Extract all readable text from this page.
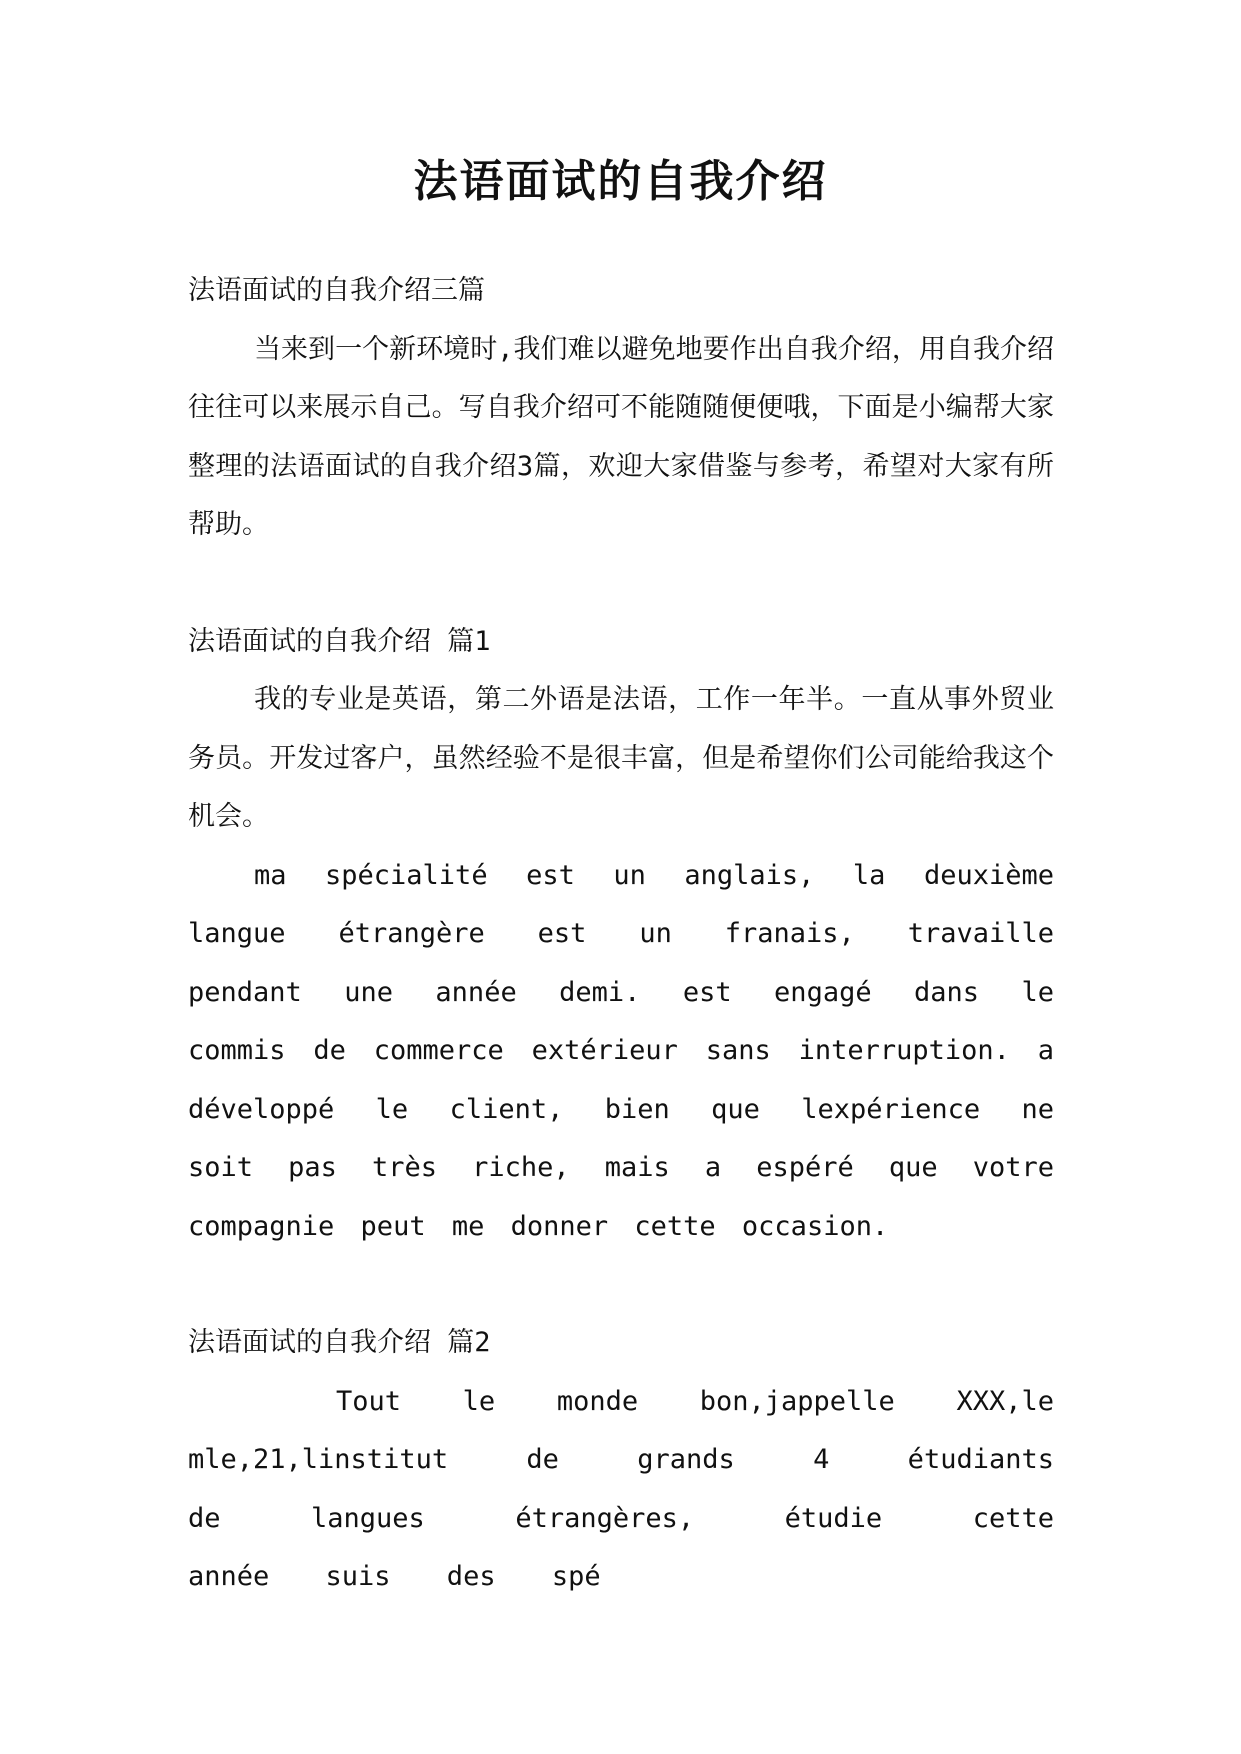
法语面试的自我介绍

法语面试的自我介绍三篇

当来到一个新环境时,我们难以避免地要作出自我介绍，用自我介绍往往可以来展示自己。写自我介绍可不能随随便便哦，下面是小编帮大家整理的法语面试的自我介绍3篇，欢迎大家借鉴与参考，希望对大家有所帮助。

法语面试的自我介绍 篇1

我的专业是英语，第二外语是法语，工作一年半。一直从事外贸业务员。开发过客户，虽然经验不是很丰富，但是希望你们公司能给我这个机会。

ma spécialité est un anglais, la deuxième langue étrangère est un franais, travaille pendant une année demi. est engagé dans le commis de commerce extérieur sans interruption. a développé le client, bien que lexpérience ne soit pas très riche, mais a espéré que votre compagnie peut me donner cette occasion.

法语面试的自我介绍 篇2

Tout le monde bon,jappelle XXX,le mle,21,linstitut de grands 4 étudiants de langues étrangères, étudie cette année suis des spé
